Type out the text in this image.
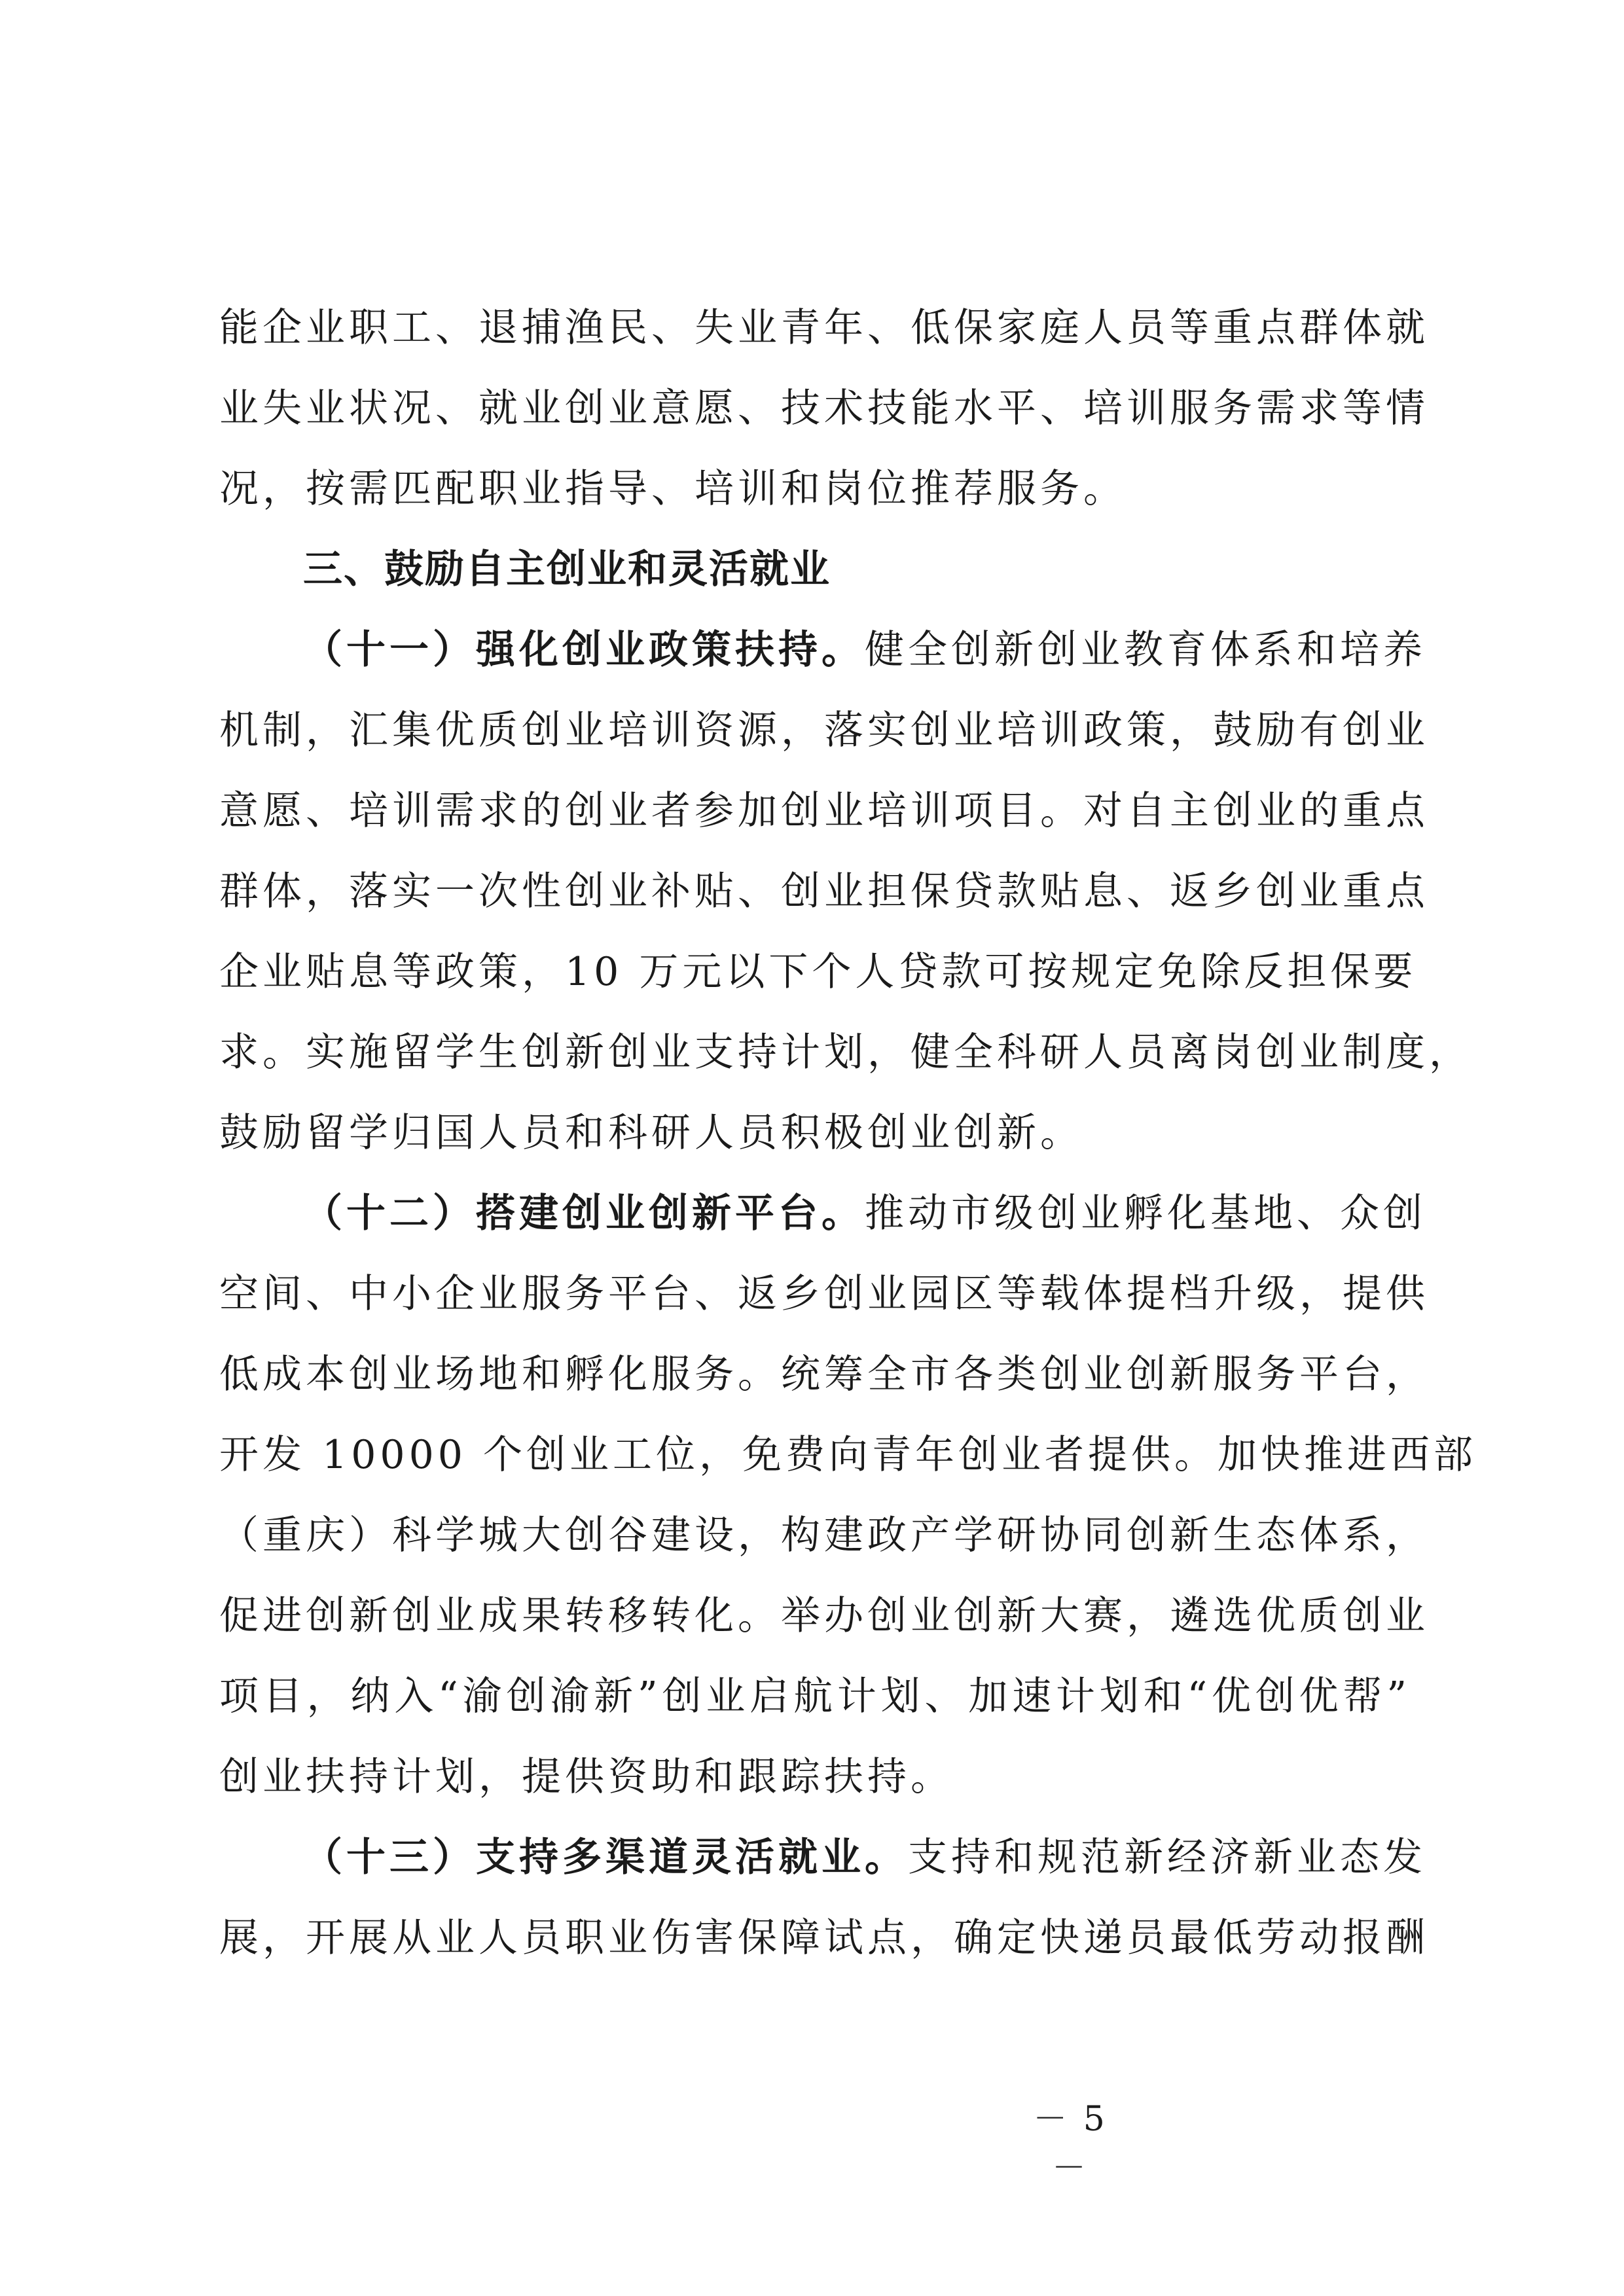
能企业职工、退捕渔民、失业青年、低保家庭人员等重点群体就
业失业状况、就业创业意愿、技术技能水平、培训服务需求等情
况，按需匹配职业指导、培训和岗位推荐服务。
三、鼓励自主创业和灵活就业
（十一）强化创业政策扶持。健全创新创业教育体系和培养
机制，汇集优质创业培训资源，落实创业培训政策，鼓励有创业
意愿、培训需求的创业者参加创业培训项目。对自主创业的重点
群体，落实一次性创业补贴、创业担保贷款贴息、返乡创业重点
企业贴息等政策，10 万元以下个人贷款可按规定免除反担保要
求。实施留学生创新创业支持计划，健全科研人员离岗创业制度，
鼓励留学归国人员和科研人员积极创业创新。
（十二）搭建创业创新平台。推动市级创业孵化基地、众创
空间、中小企业服务平台、返乡创业园区等载体提档升级，提供
低成本创业场地和孵化服务。统筹全市各类创业创新服务平台，
开发 10000 个创业工位，免费向青年创业者提供。加快推进西部
（重庆）科学城大创谷建设，构建政产学研协同创新生态体系，
促进创新创业成果转移转化。举办创业创新大赛，遴选优质创业
项目，纳入“渝创渝新”创业启航计划、加速计划和“优创优帮”
创业扶持计划，提供资助和跟踪扶持。
（十三）支持多渠道灵活就业。支持和规范新经济新业态发
展，开展从业人员职业伤害保障试点，确定快递员最低劳动报酬
－ 5 －
